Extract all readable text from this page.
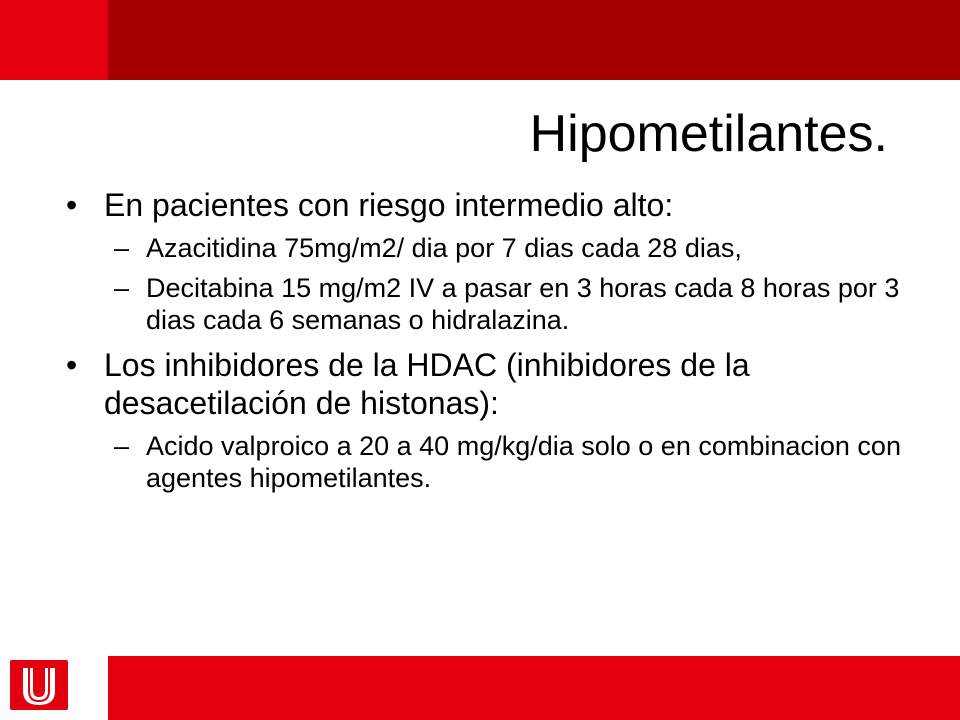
Hipometilantes.
• En pacientes con riesgo intermedio alto:
– Azacitidina 75mg/m2/ dia por 7 dias cada 28 dias,
– Decitabina 15 mg/m2 IV a pasar en 3 horas cada 8 horas por 3 dias cada 6 semanas o hidralazina.
• Los inhibidores de la HDAC (inhibidores de la desacetilación de histonas):
– Acido valproico a 20 a 40 mg/kg/dia solo o en combinacion con agentes hipometilantes.
